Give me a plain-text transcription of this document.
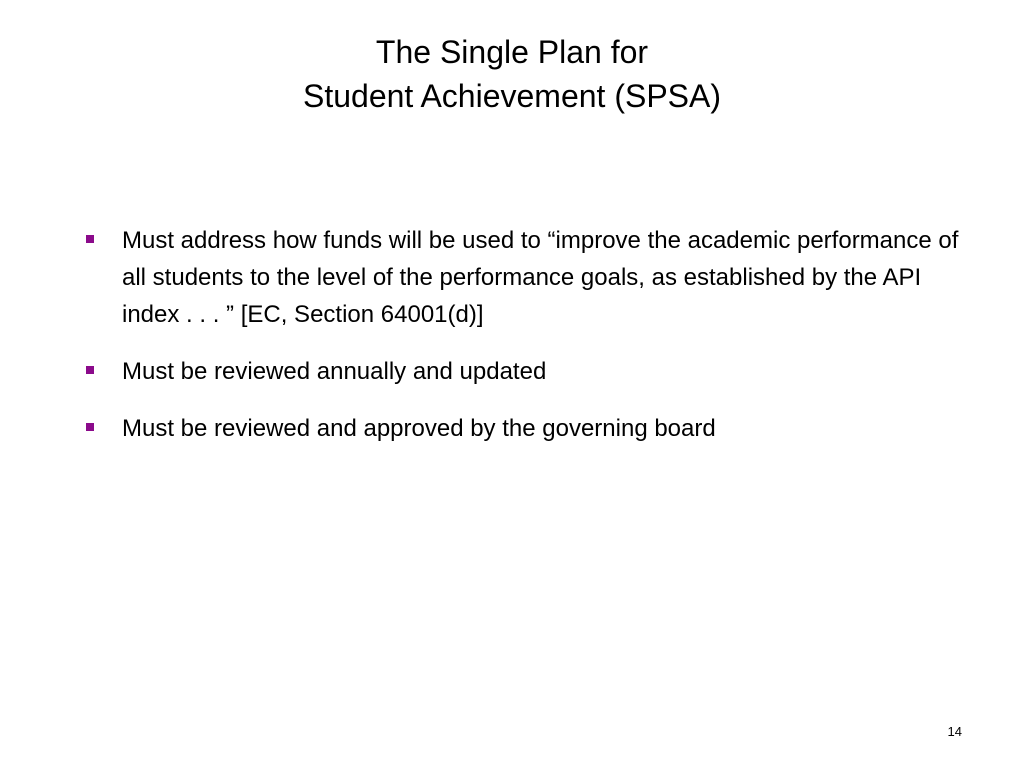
The Single Plan for
Student Achievement (SPSA)
Must address how funds will be used to “improve the academic performance of all students to the level of the performance goals, as established by the API index . . . ” [EC, Section 64001(d)]
Must be reviewed annually and updated
Must be reviewed and approved by the governing board
14
